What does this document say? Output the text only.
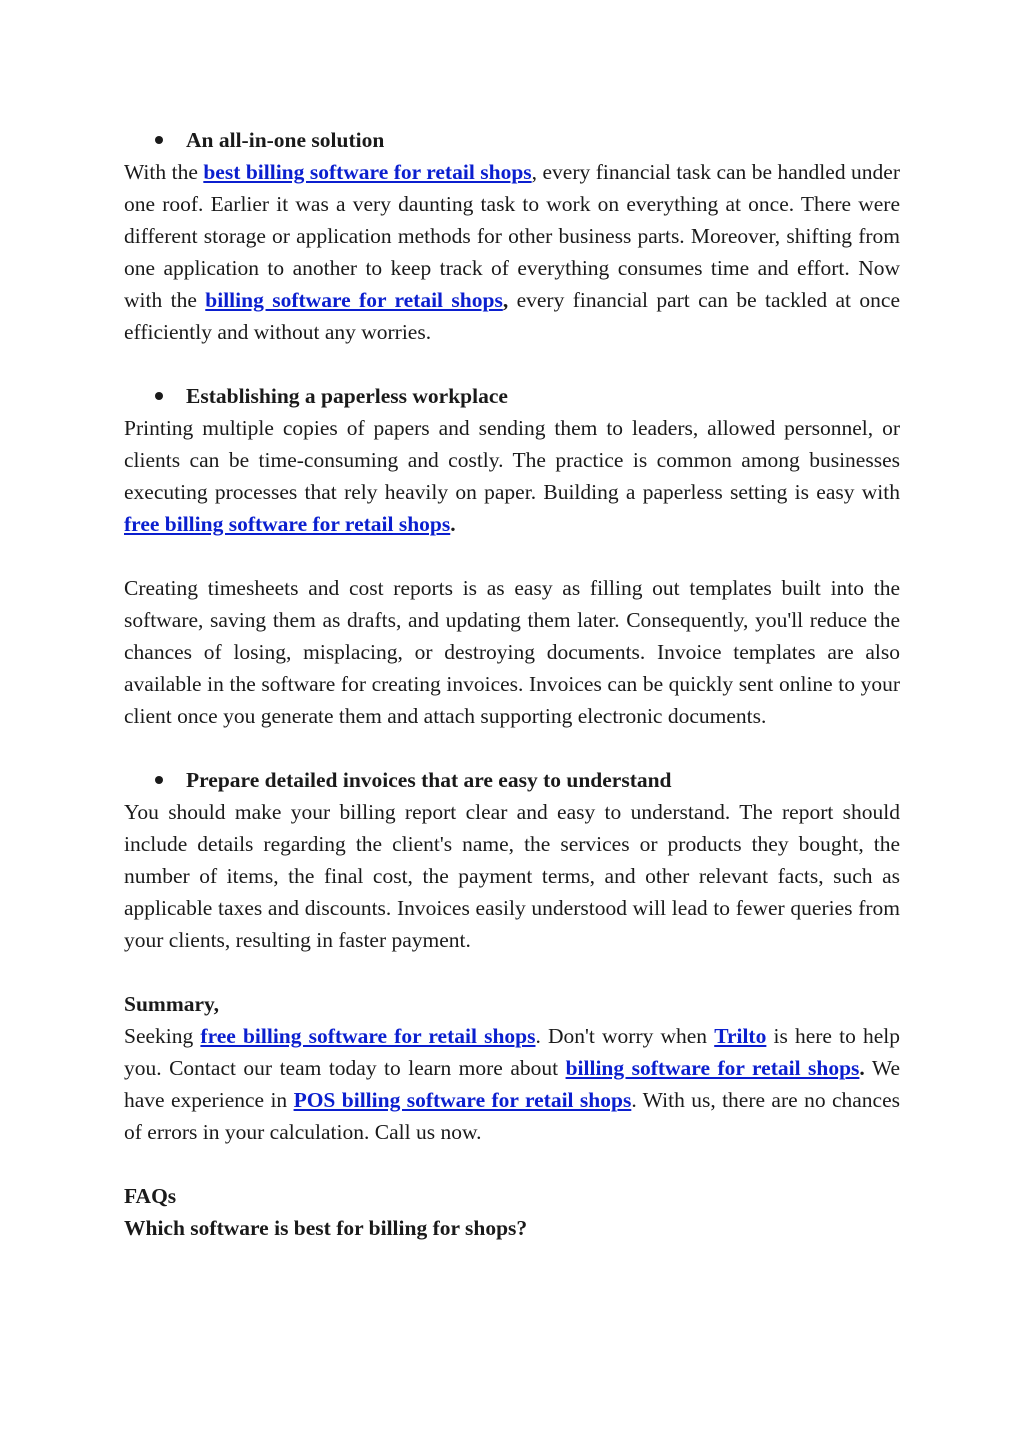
An all-in-one solution

With the best billing software for retail shops, every financial task can be handled under one roof. Earlier it was a very daunting task to work on everything at once. There were different storage or application methods for other business parts. Moreover, shifting from one application to another to keep track of everything consumes time and effort. Now with the billing software for retail shops, every financial part can be tackled at once efficiently and without any worries.

Establishing a paperless workplace

Printing multiple copies of papers and sending them to leaders, allowed personnel, or clients can be time-consuming and costly. The practice is common among businesses executing processes that rely heavily on paper. Building a paperless setting is easy with free billing software for retail shops.

Creating timesheets and cost reports is as easy as filling out templates built into the software, saving them as drafts, and updating them later. Consequently, you'll reduce the chances of losing, misplacing, or destroying documents. Invoice templates are also available in the software for creating invoices. Invoices can be quickly sent online to your client once you generate them and attach supporting electronic documents.

Prepare detailed invoices that are easy to understand

You should make your billing report clear and easy to understand. The report should include details regarding the client's name, the services or products they bought, the number of items, the final cost, the payment terms, and other relevant facts, such as applicable taxes and discounts. Invoices easily understood will lead to fewer queries from your clients, resulting in faster payment.

Summary,

Seeking free billing software for retail shops. Don't worry when Trilto is here to help you. Contact our team today to learn more about billing software for retail shops. We have experience in POS billing software for retail shops. With us, there are no chances of errors in your calculation. Call us now.

FAQs
Which software is best for billing for shops?
